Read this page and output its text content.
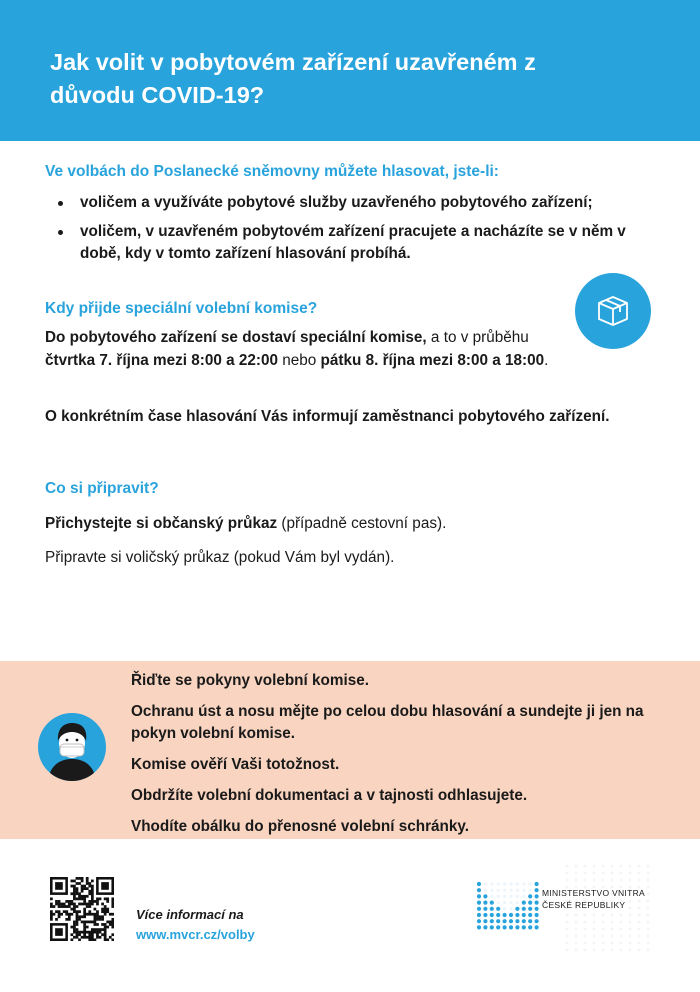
Jak volit v pobytovém zařízení uzavřeném z důvodu COVID-19?

Ve volbách do Poslanecké sněmovny můžete hlasovat, jste-li:

voličem a využíváte pobytové služby uzavřeného pobytového zařízení;
voličem, v uzavřeném pobytovém zařízení pracujete a nacházíte se v něm v době, kdy v tomto zařízení hlasování probíhá.

Kdy přijde speciální volební komise?

Do pobytového zařízení se dostaví speciální komise, a to v průběhu čtvrtka 7. října mezi 8:00 a 22:00 nebo pátku 8. října mezi 8:00 a 18:00.

O konkrétním čase hlasování Vás informují zaměstnanci pobytového zařízení.

Co si připravit?

Přichystejte si občanský průkaz (případně cestovní pas).

Připravte si voličský průkaz (pokud Vám byl vydán).

Řiďte se pokyny volební komise.

Ochranu úst a nosu mějte po celou dobu hlasování a sundejte ji jen na pokyn volební komise.

Komise ověří Vaši totožnost.

Obdržíte volební dokumentaci a v tajnosti odhlasujete.

Vhodíte obálku do přenosné volební schránky.

Více informací na
www.mvcr.cz/volby

MINISTERSTVO VNITRA
ČESKÉ REPUBLIKY
